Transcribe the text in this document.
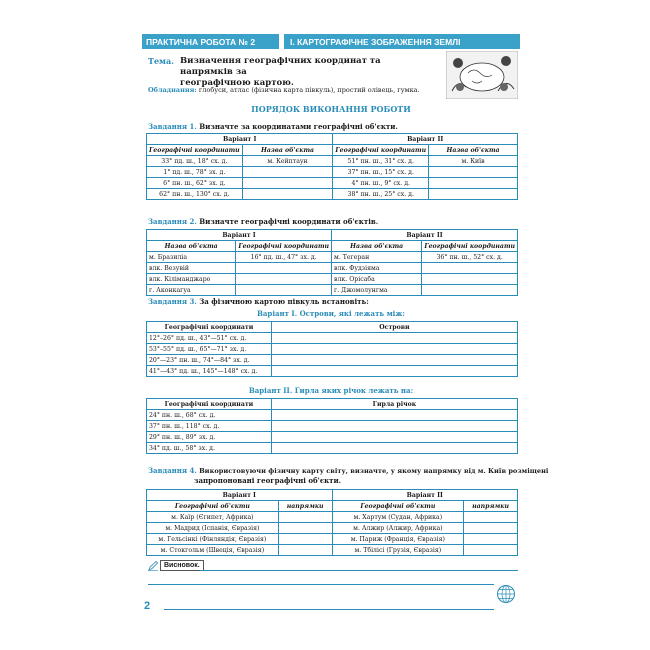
ПРАКТИЧНА РОБОТА № 2	І. КАРТОГРАФІЧНЕ ЗОБРАЖЕННЯ ЗЕМЛІ
Тема. Визначення географічних координат та напрямків за
географічною картою.
Обладнання: глобуси, атлас (фізична карта півкуль), простий олівець, гумка.
ПОРЯДОК ВИКОНАННЯ РОБОТИ
Завдання 1. Визначте за координатами географічні об'єкти.
Варіант І		Варіант ІІ	
Географічні координати	Назва об'єкта	Географічні координати	Назва об'єкта
33° пд. ш., 18° сх. д.	м. Кейптаун	51° пн. ш., 31° сх. д.	м. Київ
1° пд. ш., 78° зх. д.		37° пн. ш., 15° сх. д.	
6° пн. ш., 62° зх. д.		4° пн. ш., 9° сх. д.	
62° пн. ш., 130° сх. д.		38° пн. ш., 25° сх. д.	
Завдання 2. Визначте географічні координати об'єктів.
Варіант І		Варіант ІІ	
Назва об'єкта	Географічні координати	Назва об'єкта	Географічні координати
м. Бразиліа	16° пд. ш., 47° зх. д.	м. Тегеран	36° пн. ш., 52° сх. д.
влк. Везувій		влк. Фудзіяма	
влк. Кіліманджаро		влк. Орісаба	
г. Аконкагуа		г. Джомолунгма	
Завдання 3. За фізичною картою півкуль встановіть:
Варіант І. Острови, які лежать між:
Географічні координати	Острови
12°–26° пд. ш., 43°—51° сх. д.	
53°–55° пд. ш., 65°—71° зх. д.	
20°—23° пн. ш., 74°—84° зх. д.	
41°—43° пд. ш., 145°—148° сх. д.	
Варіант ІІ. Гирла яких річок лежать на:
Географічні координати	Гирла річок
24° пн. ш., 68° сх. д.	
37° пн. ш., 118° сх. д.	
29° пн. ш., 89° зх. д.	
34° пд. ш., 58° зх. д.	
Завдання 4. Використовуючи фізичну карту світу, визначте, у якому напрямку від м. Київ розміщені
запропоновані географічні об'єкти.
Варіант І		Варіант ІІ	
Географічні об'єкти	напрямки	Географічні об'єкти	напрямки
м. Каїр (Єгипет, Африка)		м. Хартум (Судан, Африка)	
м. Мадрид (Іспанія, Євразія)		м. Алжир (Алжир, Африка)	
м. Гельсінкі (Фінляндія, Євразія)		м. Париж (Франція, Євразія)	
м. Стокгольм (Швеція, Євразія)		м. Тбілісі (Грузія, Євразія)	
Висновок.
2
